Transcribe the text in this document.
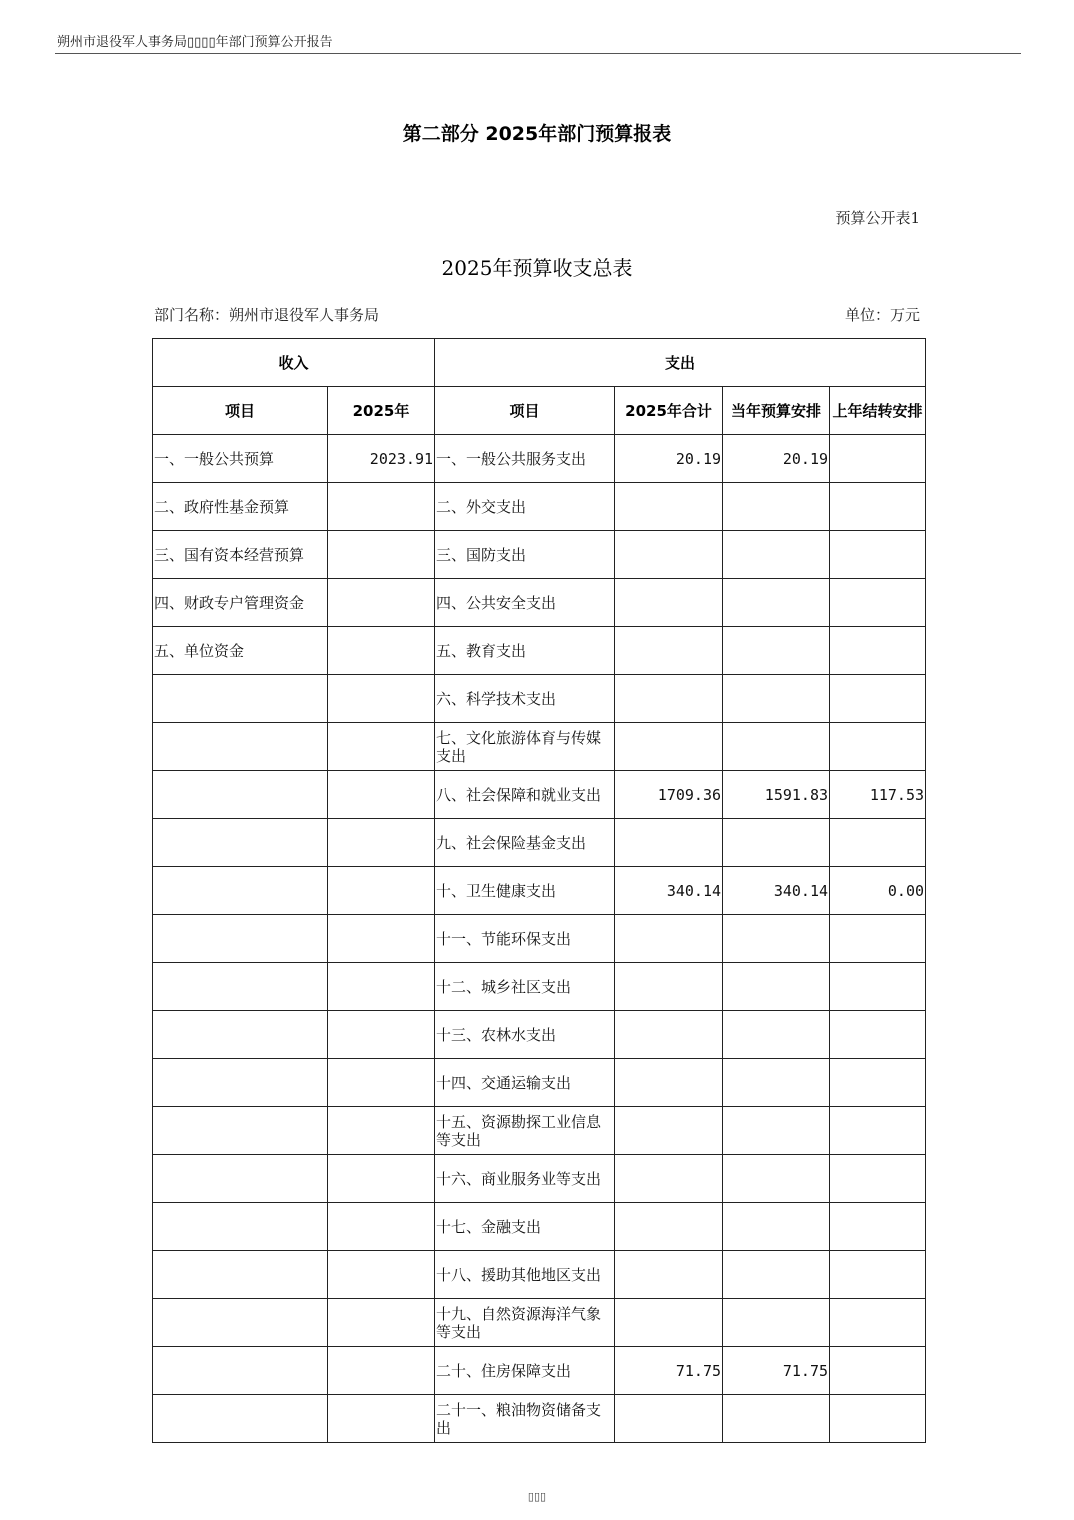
朔州市退役军人事务局▯▯▯▯年部门预算公开报告
第二部分 2025年部门预算报表
预算公开表1
2025年预算收支总表
部门名称：朔州市退役军人事务局	单位：万元
收入		支出			
项目	2025年	项目	2025年合计	当年预算安排	上年结转安排
一、一般公共预算	2023.91	一、一般公共服务支出	20.19	20.19	
二、政府性基金预算		二、外交支出			
三、国有资本经营预算		三、国防支出			
四、财政专户管理资金		四、公共安全支出			
五、单位资金		五、教育支出			
		六、科学技术支出			
		七、文化旅游体育与传媒支出			
		八、社会保障和就业支出	1709.36	1591.83	117.53
		九、社会保险基金支出			
		十、卫生健康支出	340.14	340.14	0.00
		十一、节能环保支出			
		十二、城乡社区支出			
		十三、农林水支出			
		十四、交通运输支出			
		十五、资源勘探工业信息等支出			
		十六、商业服务业等支出			
		十七、金融支出			
		十八、援助其他地区支出			
		十九、自然资源海洋气象等支出			
		二十、住房保障支出	71.75	71.75	
		二十一、粮油物资储备支出			
▯▯▯
